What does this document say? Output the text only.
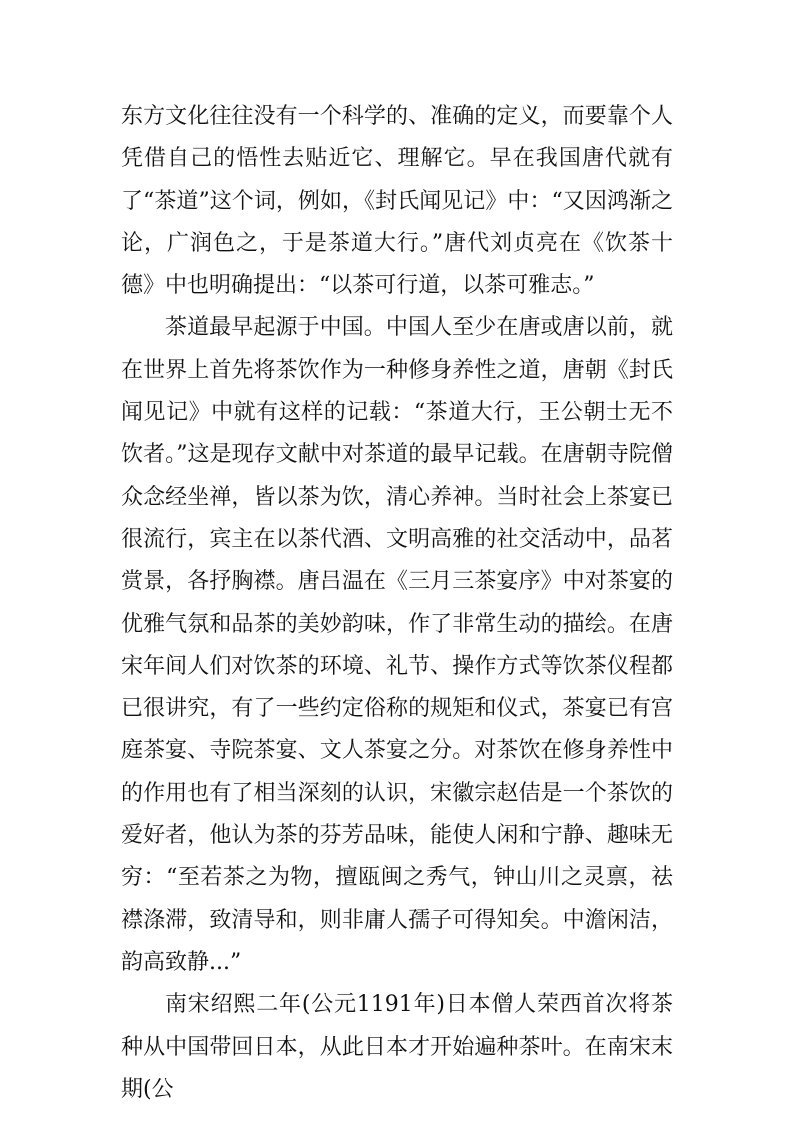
东方文化往往没有一个科学的、准确的定义，而要靠个人凭借自己的悟性去贴近它、理解它。早在我国唐代就有了“茶道”这个词，例如，《封氏闻见记》中：“又因鸿渐之论，广润色之，于是茶道大行。”唐代刘贞亮在《饮茶十德》中也明确提出：“以茶可行道，以茶可雅志。”

茶道最早起源于中国。中国人至少在唐或唐以前，就在世界上首先将茶饮作为一种修身养性之道，唐朝《封氏闻见记》中就有这样的记载：“茶道大行，王公朝士无不饮者。”这是现存文献中对茶道的最早记载。在唐朝寺院僧众念经坐禅，皆以茶为饮，清心养神。当时社会上茶宴已很流行，宾主在以茶代酒、文明高雅的社交活动中，品茗赏景，各抒胸襟。唐吕温在《三月三茶宴序》中对茶宴的优雅气氛和品茶的美妙韵味，作了非常生动的描绘。在唐宋年间人们对饮茶的环境、礼节、操作方式等饮茶仪程都已很讲究，有了一些约定俗称的规矩和仪式，茶宴已有宫庭茶宴、寺院茶宴、文人茶宴之分。对茶饮在修身养性中的作用也有了相当深刻的认识，宋徽宗赵佶是一个茶饮的爱好者，他认为茶的芬芳品味，能使人闲和宁静、趣味无穷：“至若茶之为物，擅瓯闽之秀气，钟山川之灵禀，祛襟涤滞，致清导和，则非庸人孺子可得知矣。中澹闲洁，韵高致静...”

南宋绍熙二年(公元1191年)日本僧人荣西首次将茶种从中国带回日本，从此日本才开始遍种茶叶。在南宋末期(公
